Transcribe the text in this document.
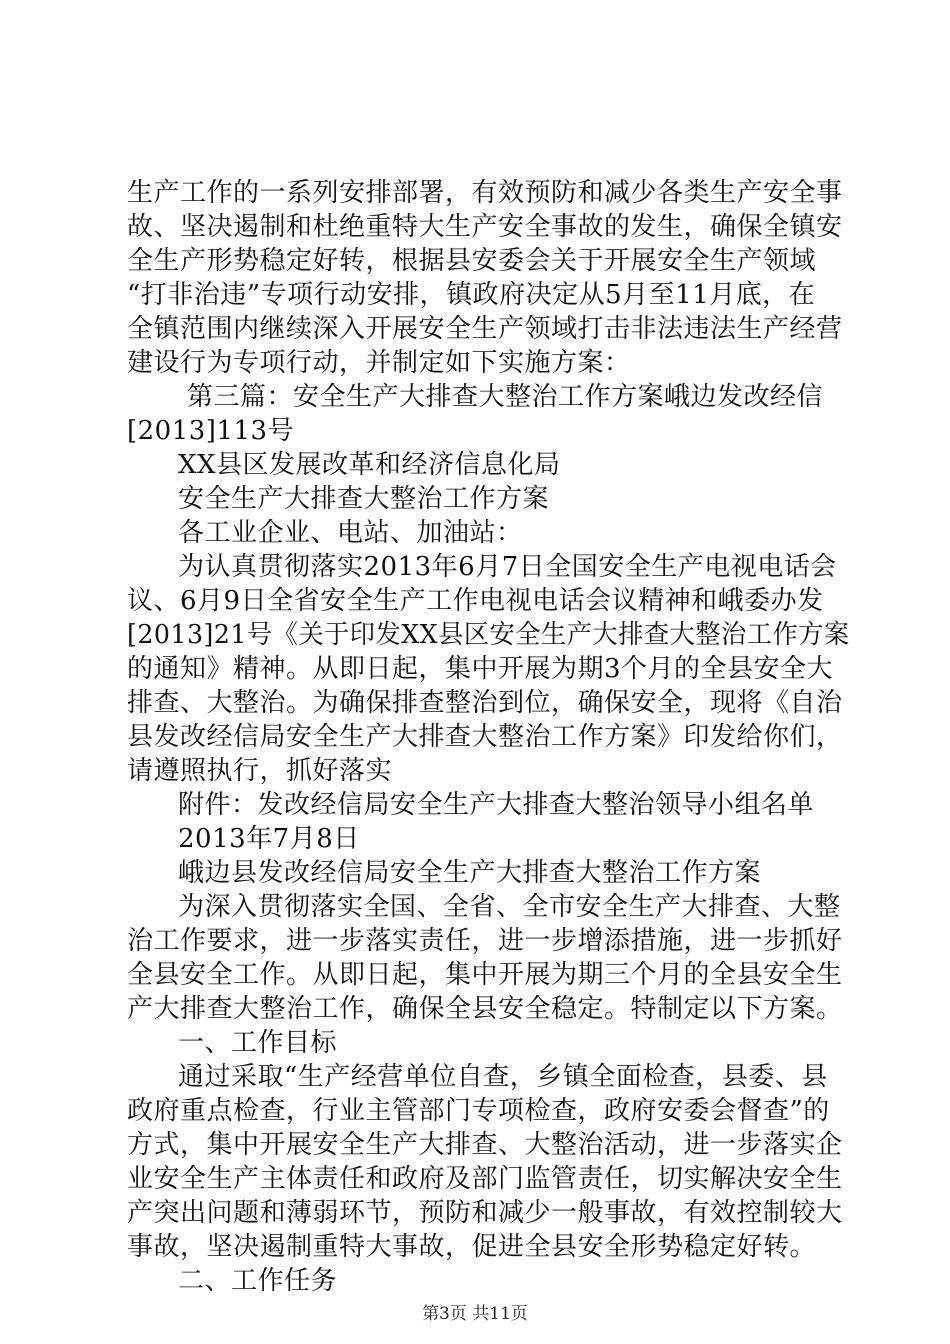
生产工作的一系列安排部署，有效预防和减少各类生产安全事
故、坚决遏制和杜绝重特大生产安全事故的发生，确保全镇安
全生产形势稳定好转，根据县安委会关于开展安全生产领域
“打非治违”专项行动安排，镇政府决定从5月至11月底，在
全镇范围内继续深入开展安全生产领域打击非法违法生产经营
建设行为专项行动，并制定如下实施方案：
第三篇：安全生产大排查大整治工作方案峨边发改经信
[2013]113号
XX县区发展改革和经济信息化局
安全生产大排查大整治工作方案
各工业企业、电站、加油站：
为认真贯彻落实2013年6月7日全国安全生产电视电话会
议、6月9日全省安全生产工作电视电话会议精神和峨委办发
[2013]21号《关于印发XX县区安全生产大排查大整治工作方案
的通知》精神。从即日起，集中开展为期3个月的全县安全大
排查、大整治。为确保排查整治到位，确保安全，现将《自治
县发改经信局安全生产大排查大整治工作方案》印发给你们，
请遵照执行，抓好落实
附件：发改经信局安全生产大排查大整治领导小组名单
2013年7月8日
峨边县发改经信局安全生产大排查大整治工作方案
为深入贯彻落实全国、全省、全市安全生产大排查、大整
治工作要求，进一步落实责任，进一步增添措施，进一步抓好
全县安全工作。从即日起，集中开展为期三个月的全县安全生
产大排查大整治工作，确保全县安全稳定。特制定以下方案。
一、工作目标
通过采取“生产经营单位自查，乡镇全面检查，县委、县
政府重点检查，行业主管部门专项检查，政府安委会督查”的
方式，集中开展安全生产大排查、大整治活动，进一步落实企
业安全生产主体责任和政府及部门监管责任，切实解决安全生
产突出问题和薄弱环节，预防和减少一般事故，有效控制较大
事故，坚决遏制重特大事故，促进全县安全形势稳定好转。
二、工作任务
第3页 共11页
